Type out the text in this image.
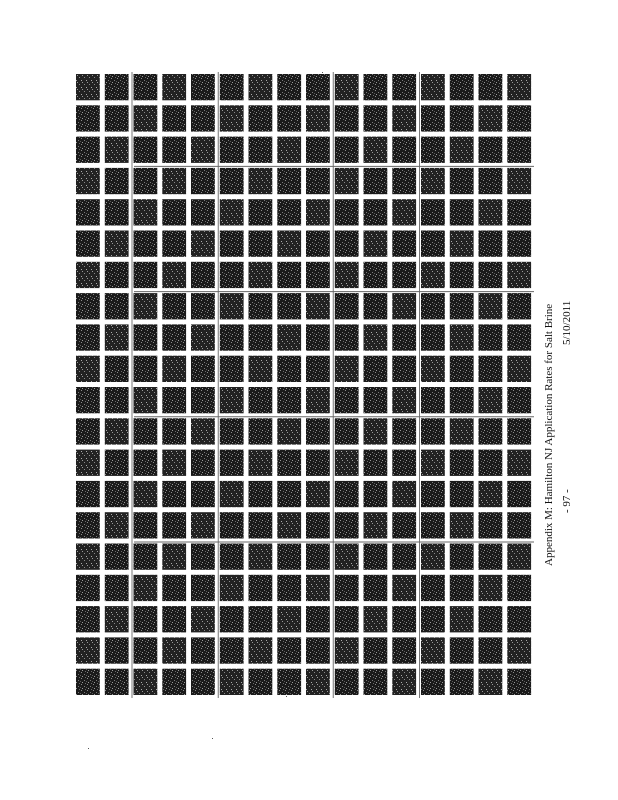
Appendix M: Hamilton NJ Application Rates for Salt Brine - 97 -
5/10/2011
